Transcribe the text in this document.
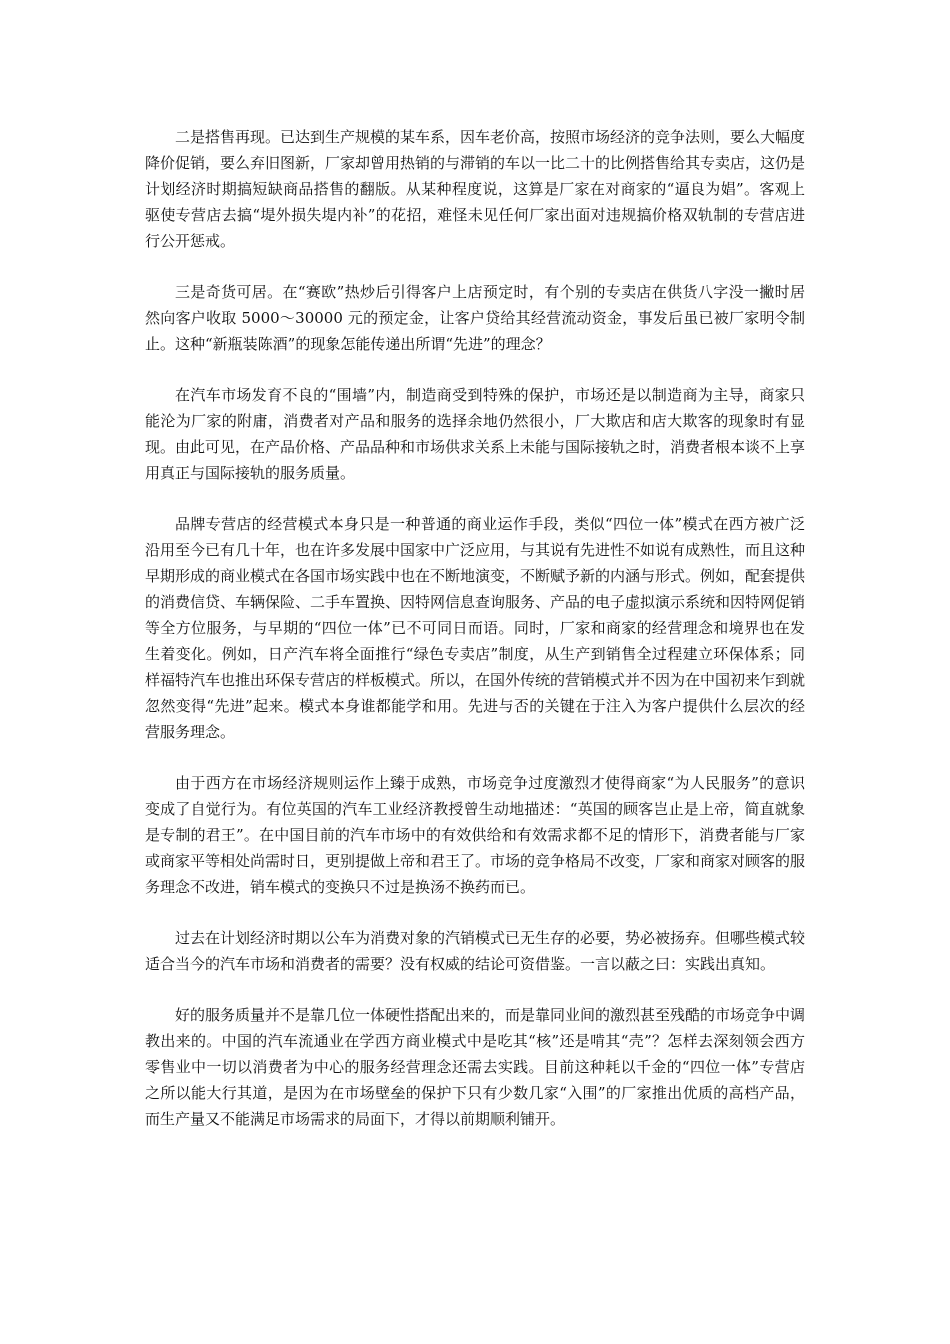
二是搭售再现。已达到生产规模的某车系，因车老价高，按照市场经济的竞争法则，要么大幅度降价促销，要么弃旧图新，厂家却曾用热销的与滞销的车以一比二十的比例搭售给其专卖店，这仍是计划经济时期搞短缺商品搭售的翻版。从某种程度说，这算是厂家在对商家的“逼良为娼”。客观上驱使专营店去搞“堤外损失堤内补”的花招，难怪未见任何厂家出面对违规搞价格双轨制的专营店进行公开惩戒。

三是奇货可居。在“赛欧”热炒后引得客户上店预定时，有个别的专卖店在供货八字没一撇时居然向客户收取 5000～30000 元的预定金，让客户贷给其经营流动资金，事发后虽已被厂家明令制止。这种“新瓶装陈酒”的现象怎能传递出所谓“先进”的理念？

在汽车市场发育不良的“围墙”内，制造商受到特殊的保护，市场还是以制造商为主导，商家只能沦为厂家的附庸，消费者对产品和服务的选择余地仍然很小，厂大欺店和店大欺客的现象时有显现。由此可见，在产品价格、产品品种和市场供求关系上未能与国际接轨之时，消费者根本谈不上享用真正与国际接轨的服务质量。

品牌专营店的经营模式本身只是一种普通的商业运作手段，类似“四位一体”模式在西方被广泛沿用至今已有几十年，也在许多发展中国家中广泛应用，与其说有先进性不如说有成熟性，而且这种早期形成的商业模式在各国市场实践中也在不断地演变，不断赋予新的内涵与形式。例如，配套提供的消费信贷、车辆保险、二手车置换、因特网信息查询服务、产品的电子虚拟演示系统和因特网促销等全方位服务，与早期的“四位一体”已不可同日而语。同时，厂家和商家的经营理念和境界也在发生着变化。例如，日产汽车将全面推行“绿色专卖店”制度，从生产到销售全过程建立环保体系；同样福特汽车也推出环保专营店的样板模式。所以，在国外传统的营销模式并不因为在中国初来乍到就忽然变得“先进”起来。模式本身谁都能学和用。先进与否的关键在于注入为客户提供什么层次的经营服务理念。

由于西方在市场经济规则运作上臻于成熟，市场竞争过度激烈才使得商家“为人民服务”的意识变成了自觉行为。有位英国的汽车工业经济教授曾生动地描述：“英国的顾客岂止是上帝，简直就象是专制的君王”。在中国目前的汽车市场中的有效供给和有效需求都不足的情形下，消费者能与厂家或商家平等相处尚需时日，更别提做上帝和君王了。市场的竞争格局不改变，厂家和商家对顾客的服务理念不改进，销车模式的变换只不过是换汤不换药而已。

过去在计划经济时期以公车为消费对象的汽销模式已无生存的必要，势必被扬弃。但哪些模式较适合当今的汽车市场和消费者的需要？没有权威的结论可资借鉴。一言以蔽之曰：实践出真知。

好的服务质量并不是靠几位一体硬性搭配出来的，而是靠同业间的激烈甚至残酷的市场竞争中调教出来的。中国的汽车流通业在学西方商业模式中是吃其“核”还是啃其“壳”？怎样去深刻领会西方零售业中一切以消费者为中心的服务经营理念还需去实践。目前这种耗以千金的“四位一体”专营店之所以能大行其道，是因为在市场壁垒的保护下只有少数几家“入围”的厂家推出优质的高档产品，而生产量又不能满足市场需求的局面下，才得以前期顺利铺开。
